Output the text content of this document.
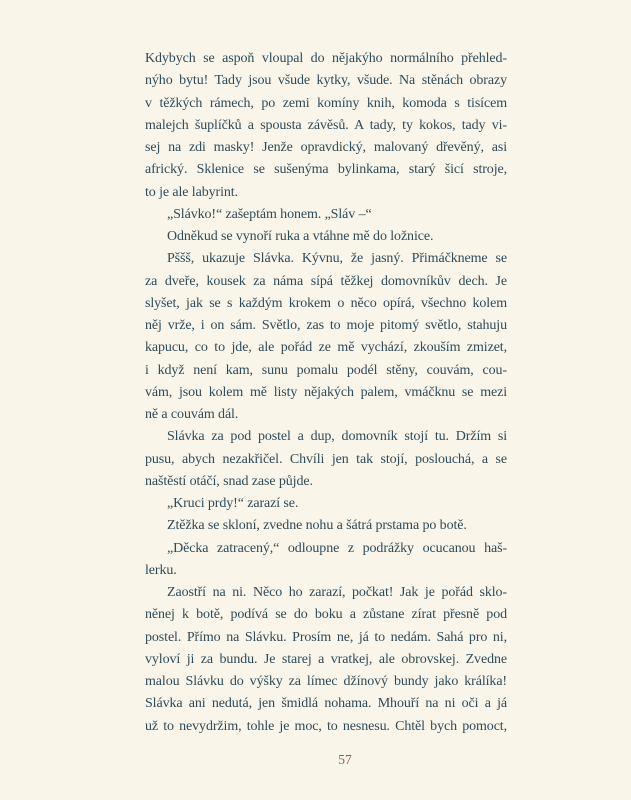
Kdybych se aspoň vloupal do nějakýho normálního přehled-
nýho bytu! Tady jsou všude kytky, všude. Na stěnách obrazy
v těžkých rámech, po zemi komíny knih, komoda s tisícem
malejch šuplíčků a spousta závěsů. A tady, ty kokos, tady vi-
sej na zdi masky! Jenže opravdický, malovaný dřevěný, asi
africký. Sklenice se sušenýma bylinkama, starý šicí stroje,
to je ale labyrint.
„Slávko!“ zašeptám honem. „Sláv –“
Odněkud se vynoří ruka a vtáhne mě do ložnice.
Pššš, ukazuje Slávka. Kývnu, že jasný. Přimáčkneme se
za dveře, kousek za náma sípá těžkej domovníkův dech. Je
slyšet, jak se s každým krokem o něco opírá, všechno kolem
něj vrže, i on sám. Světlo, zas to moje pitomý světlo, stahuju
kapucu, co to jde, ale pořád ze mě vychází, zkouším zmizet,
i když není kam, sunu pomalu podél stěny, couvám, cou-
vám, jsou kolem mě listy nějakých palem, vmáčknu se mezi
ně a couvám dál.
Slávka za pod postel a dup, domovník stojí tu. Držím si
pusu, abych nezakřičel. Chvíli jen tak stojí, poslouchá, a se
naštěstí otáčí, snad zase půjde.
„Kruci prdy!“ zarazí se.
Ztěžka se skloní, zvedne nohu a šátrá prstama po botě.
„Děcka zatracený,“ odloupne z podrážky ocucanou haš-
lerku.
Zaostří na ni. Něco ho zarazí, počkat! Jak je pořád sklo-
něnej k botě, podívá se do boku a zůstane zírat přesně pod
postel. Přímo na Slávku. Prosím ne, já to nedám. Sahá pro ni,
vyloví ji za bundu. Je starej a vratkej, ale obrovskej. Zvedne
malou Slávku do výšky za límec džínový bundy jako králíka!
Slávka ani nedutá, jen šmidlá nohama. Mhouří na ni oči a já
už to nevydržim, tohle je moc, to nesnesu. Chtěl bych pomoct,
57
